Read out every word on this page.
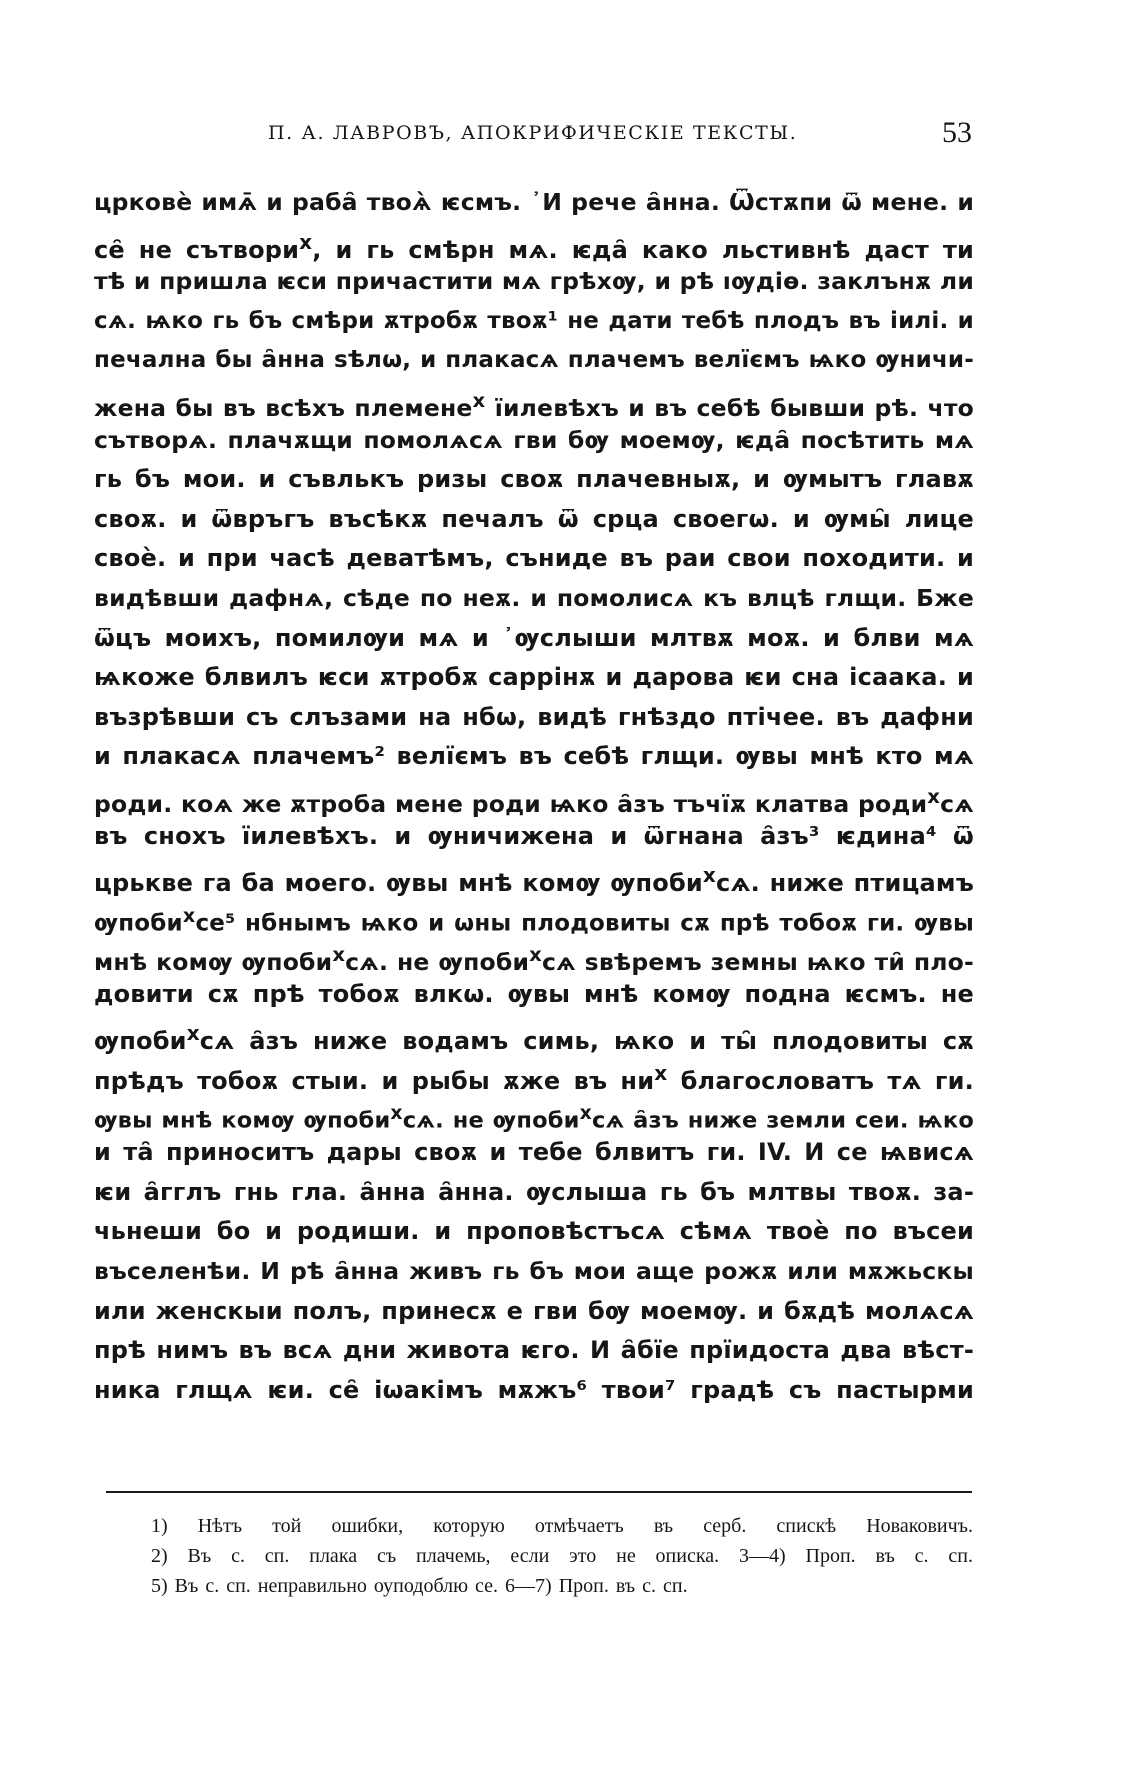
П. А. ЛАВРОВЪ, АПОКРИФИЧЕСКІЕ ТЕКСТЫ.	53
црковѐ имѧ̄ и раба̑ твоѧ̀ ѥсмъ. ᾽И рече а̑нна. Ѿстѫпи ѿ мене. и
се̑ не сътвори$^х$, и гь смѣрн мѧ. ѥда̑ како льстивнѣ даст ти
тѣ и пришла ѥси причастити мѧ грѣхѹ, и рѣ ıѹдіѳ. заклънѫ ли
сѧ. ѩко гь бъ смѣри ѫтробѫ твоѫ¹ не дати тебѣ плодъ въ іилі. и
печална бы а̑нна ѕѣлѡ, и плакасѧ плачемъ велїємъ ѩко ѹничи-
жена бы въ всѣхъ племене$^х$ їилевѣхъ и въ себѣ бывши рѣ. что
сътворѧ. плачѫщи помолѧсѧ гви бѹ моемѹ, ѥда̑ посѣтить мѧ
гь бъ мои. и съвлькъ ризы своѫ плачевныѫ, и ѹмытъ главѫ
своѫ. и ѿвръгъ въсѣкѫ печалъ ѿ срца своегѡ. и ѹмы̑ лице
своѐ. и при часѣ деватѣмъ, съниде въ раи свои походити. и
видѣвши дафнѧ, сѣде по неѫ. и помолисѧ къ влцѣ глщи. Бже
ѿцъ моихъ, помилѹи мѧ и ᾽ѹслыши млтвѫ моѫ. и блви мѧ
ѩкоже блвилъ ѥси ѫтробѫ саррінѫ и дарова ѥи сна ісаака. и
възрѣвши съ слъзами на нбѡ, видѣ гнѣздо птічее. въ дафни
и плакасѧ плачемъ² велїємъ въ себѣ глщи. ѹвы мнѣ кто мѧ
роди. коѧ же ѫтроба мене роди ѩко а̑зъ тъчїѫ клатва роди$^х$сѧ
въ снохъ їилевѣхъ. и ѹничижена и ѿгнана а̑зъ³ ѥдина⁴ ѿ
црькве га ба моего. ѹвы мнѣ комѹ ѹпоби$^х$сѧ. ниже птицамъ
ѹпоби$^х$се⁵ нбнымъ ѩко и ѡны плодовиты сѫ прѣ тобоѫ ги. ѹвы
мнѣ комѹ ѹпоби$^х$сѧ. не ѹпоби$^х$сѧ ѕвѣремъ земны ѩко ти̑ пло-
довити сѫ прѣ тобоѫ влкѡ. ѹвы мнѣ комѹ подна ѥсмъ. не
ѹпоби$^х$сѧ а̑зъ ниже водамъ симь, ѩко и ты̑ плодовиты сѫ
прѣдъ тобоѫ стыи. и рыбы ѫже въ $ни^х$ благословатъ тѧ ги.
ѹвы мнѣ комѹ ѹпоби$^х$сѧ. не ѹпоби$^х$сѧ а̑зъ ниже земли сеи. ѩко
и та̑ приноситъ дары своѫ и тебе блвитъ ги. IV. И се ѩвисѧ
ѥи а̑гглъ гнь гла. а̑нна а̑нна. ѹслыша гь бъ млтвы твоѫ. за-
чьнеши бо и родиши. и проповѣстъсѧ сѣмѧ твоѐ по въсеи
въселенѣи. И рѣ а̑нна живъ гь бъ мои аще рожѫ или мѫжьскы
или женскыи полъ, принесѫ е гви бѹ моемѹ. и бѫдѣ молѧсѧ
прѣ нимъ въ всѧ дни живота ѥго. И а̑бїе прїидоста два вѣст-
ника глщѧ ѥи. се̑ іѡакімъ мѫжъ⁶ твои⁷ градѣ съ пастырми
1) Нѣтъ той ошибки, которую отмѣчаетъ въ серб. спискѣ Новаковичъ.
2) Въ с. сп. плака съ плачемь, если это не описка. 3—4) Проп. въ с. сп.
5) Въ с. сп. неправильно оуподоблю се. 6—7) Проп. въ с. сп.
